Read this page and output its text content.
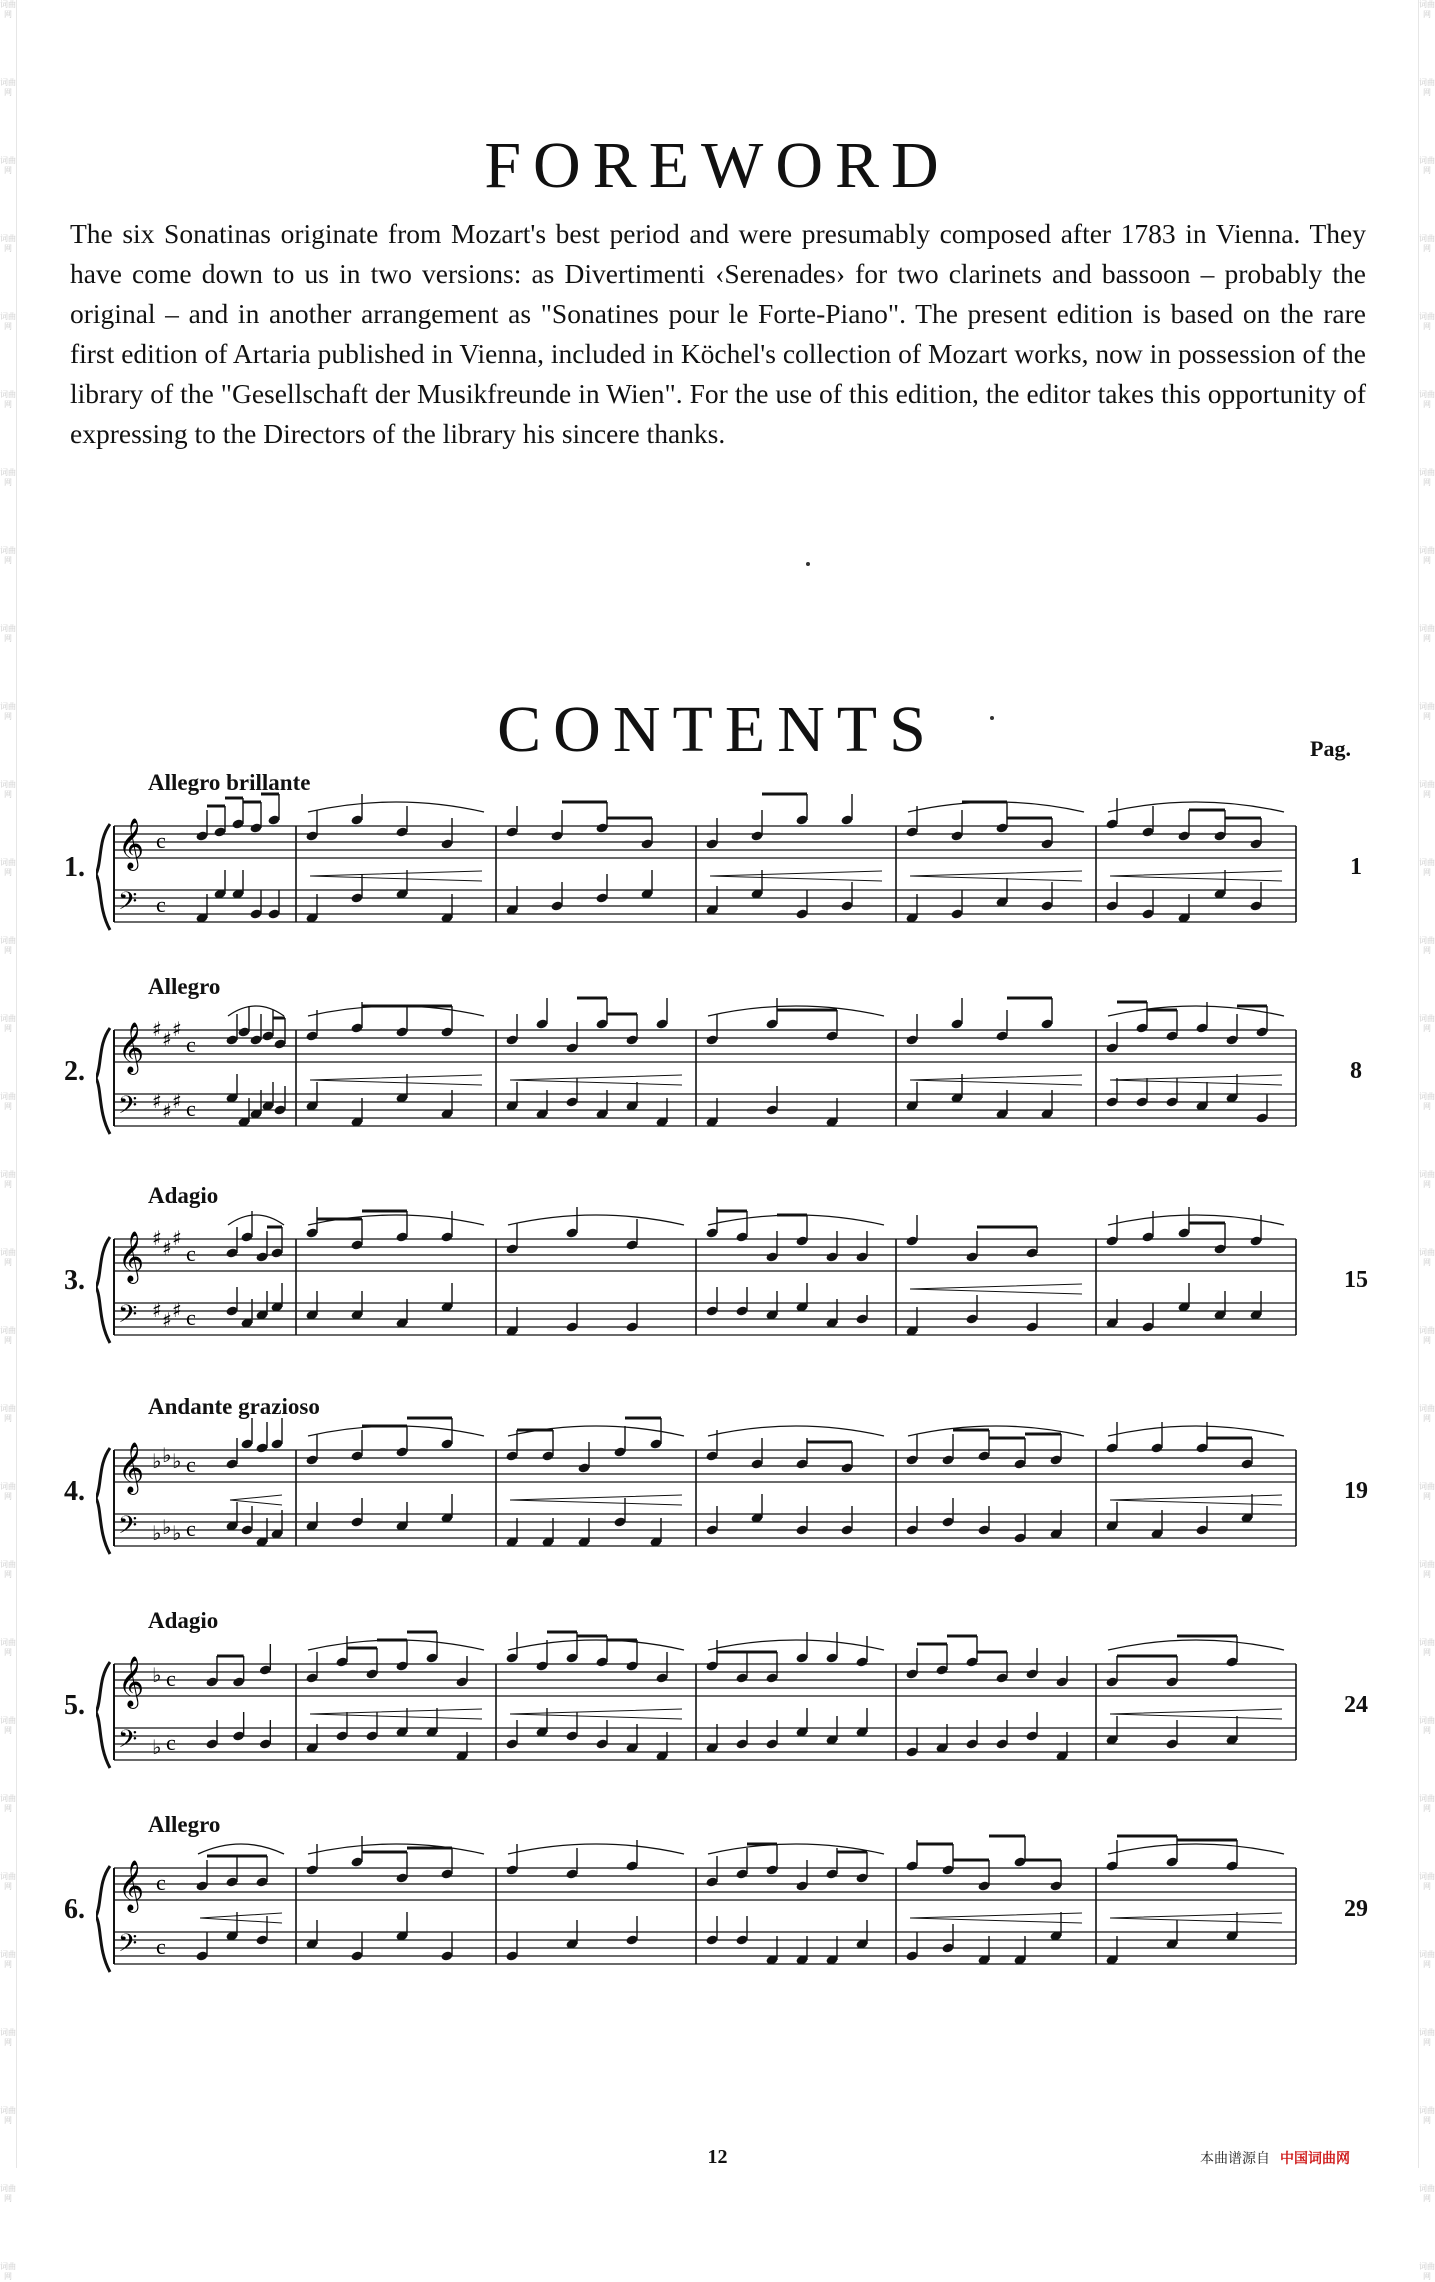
词曲网
词曲网
词曲网
词曲网
词曲网
词曲网
词曲网
词曲网
词曲网
词曲网
词曲网
词曲网
词曲网
词曲网
词曲网
词曲网
词曲网
词曲网
词曲网
词曲网
词曲网
词曲网
词曲网
词曲网
词曲网
词曲网
词曲网
词曲网
词曲网
词曲网
词曲网
词曲网
词曲网
词曲网
词曲网
词曲网
词曲网
词曲网
词曲网
词曲网
词曲网
词曲网
词曲网
词曲网
词曲网
词曲网
词曲网
词曲网
词曲网
词曲网
词曲网
词曲网
词曲网
词曲网
词曲网
词曲网
词曲网
词曲网
词曲网
词曲网
FOREWORD

The six Sonatinas originate from Mozart's best period and were presumably composed after 1783 in Vienna. They have come down to us in two versions: as Divertimenti ‹Serenades› for two clarinets and bassoon – probably the original – and in another arrangement as "Sonatines pour le Forte-Piano". The present edition is based on the rare first edition of Artaria published in Vienna, included in Köchel's collection of Mozart works, now in possession of the library of the "Gesellschaft der Musikfreunde in Wien". For the use of this edition, the editor takes this opportunity of expressing to the Directors of the library his sincere thanks.

CONTENTS	Pag.
Allegro brillante
1.	1
𝄞
𝄢
c
c
Allegro
2.	8
𝄞
𝄢
♯
♯
♯
♯
♯
♯
c
c
Adagio
3.	15
𝄞
𝄢
♯
♯
♯
♯
♯
♯
c
c
Andante grazioso
4.	19
𝄞
𝄢
♭
♭
♭
♭
♭
♭
c
c
Adagio
5.	24
𝄞
𝄢
♭
♭
c
c
Allegro
6.	29
𝄞
𝄢
c
c
12	本曲谱源自 中国词曲网
